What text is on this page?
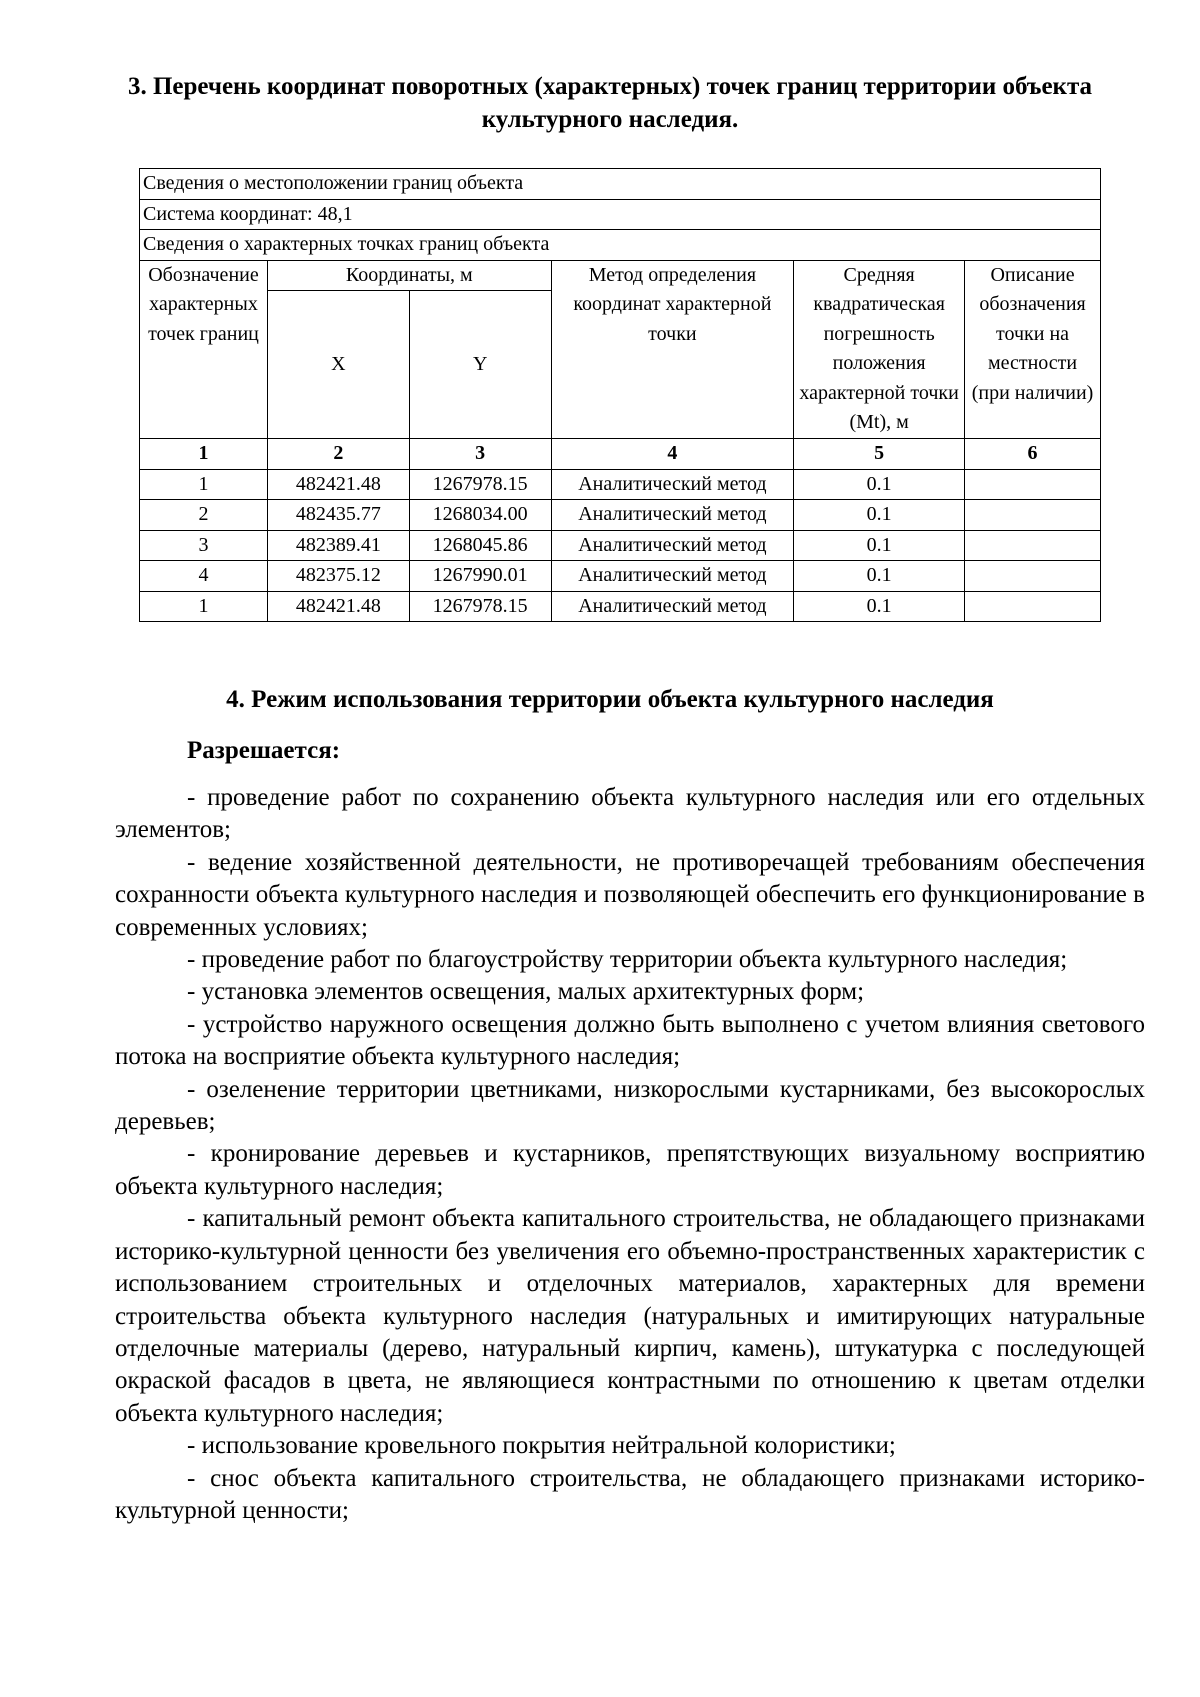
3. Перечень координат поворотных (характерных) точек границ территории объекта культурного наследия.
Сведения о местоположении границ объекта					
Система координат: 48,1					
Сведения о характерных точках границ объекта					
Обозначение характерных точек границ	Координаты, м		Метод определения координат характерной точки	Средняя квадратическая погрешность положения характерной точки (Mt), м	Описание обозначения точки на местности (при наличии)
	X	Y			
1	2	3	4	5	6
1	482421.48	1267978.15	Аналитический метод	0.1	
2	482435.77	1268034.00	Аналитический метод	0.1	
3	482389.41	1268045.86	Аналитический метод	0.1	
4	482375.12	1267990.01	Аналитический метод	0.1	
1	482421.48	1267978.15	Аналитический метод	0.1	
4. Режим использования территории объекта культурного наследия
Разрешается:

- проведение работ по сохранению объекта культурного наследия или его отдельных элементов;

- ведение хозяйственной деятельности, не противоречащей требованиям обеспечения сохранности объекта культурного наследия и позволяющей обеспечить его функционирование в современных условиях;

- проведение работ по благоустройству территории объекта культурного наследия;

- установка элементов освещения, малых архитектурных форм;

- устройство наружного освещения должно быть выполнено с учетом влияния светового потока на восприятие объекта культурного наследия;

- озеленение территории цветниками, низкорослыми кустарниками, без высокорослых деревьев;

- кронирование деревьев и кустарников, препятствующих визуальному восприятию объекта культурного наследия;

- капитальный ремонт объекта капитального строительства, не обладающего признаками историко-культурной ценности без увеличения его объемно-пространственных характеристик с использованием строительных и отделочных материалов, характерных для времени строительства объекта культурного наследия (натуральных и имитирующих натуральные отделочные материалы (дерево, натуральный кирпич, камень), штукатурка с последующей окраской фасадов в цвета, не являющиеся контрастными по отношению к цветам отделки объекта культурного наследия;

- использование кровельного покрытия нейтральной колористики;

- снос объекта капитального строительства, не обладающего признаками историко-культурной ценности;
